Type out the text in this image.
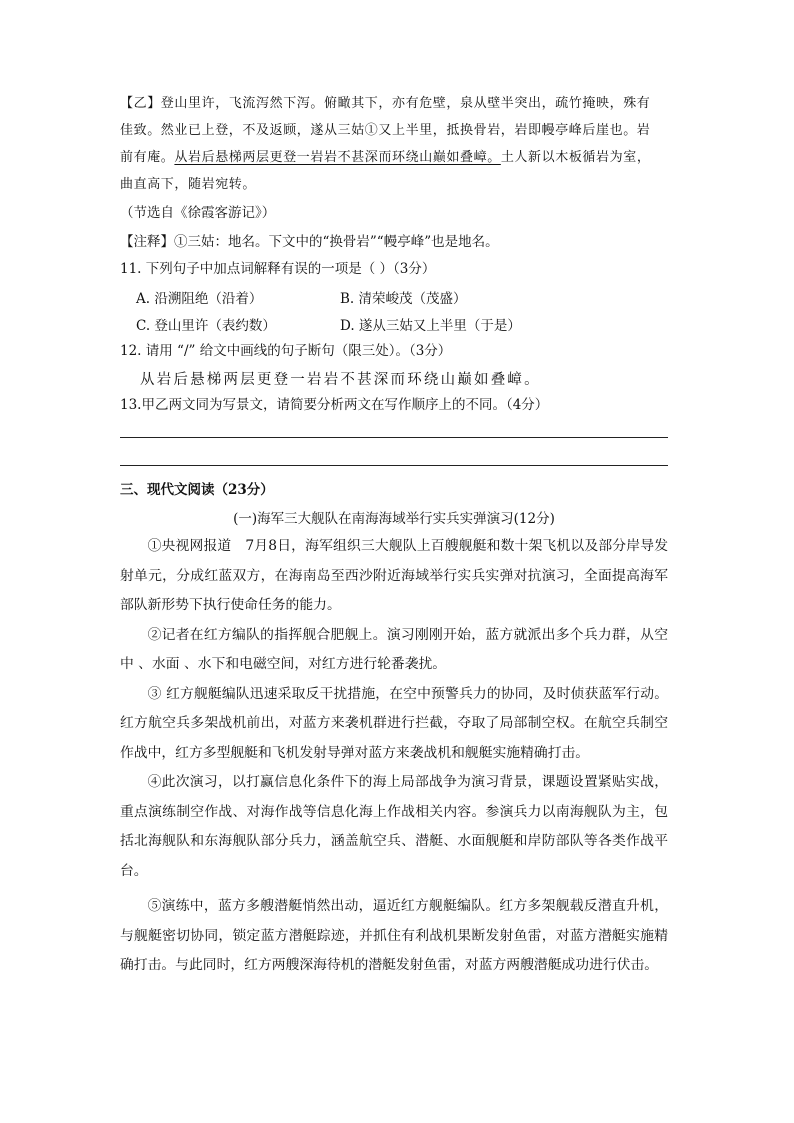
【乙】登山里许，飞流泻然下泻。俯瞰其下，亦有危壁，泉从壁半突出，疏竹掩映，殊有
佳致。然业已上登，不及返顾，遂从三姑①又上半里，抵换骨岩，岩即幔亭峰后崖也。岩
前有庵。从岩后悬梯两层更登一岩岩不甚深而环绕山巅如叠嶂。土人新以木板循岩为室，
曲直高下，随岩宛转。
（节选自《徐霞客游记》）
【注释】①三姑：地名。下文中的“换骨岩”“幔亭峰”也是地名。
11. 下列句子中加点词解释有误的一项是（ ）（3分）
A. 沿溯阻绝（沿着）	B. 清荣峻茂（茂盛）
C. 登山里许（表约数）	D. 遂从三姑又上半里（于是）
12. 请用 “/” 给文中画线的句子断句（限三处）。（3分）
从岩后悬梯两层更登一岩岩不甚深而环绕山巅如叠嶂。
13.甲乙两文同为写景文，请简要分析两文在写作顺序上的不同。（4分）
三、现代文阅读（23分）
(一)海军三大舰队在南海海域举行实兵实弹演习(12分)

①央视网报道　7月8日，海军组织三大舰队上百艘舰艇和数十架飞机以及部分岸导发射单元，分成红蓝双方，在海南岛至西沙附近海域举行实兵实弹对抗演习，全面提高海军部队新形势下执行使命任务的能力。

②记者在红方编队的指挥舰合肥舰上。演习刚刚开始，蓝方就派出多个兵力群，从空中 、水面 、水下和电磁空间，对红方进行轮番袭扰。

③ 红方舰艇编队迅速采取反干扰措施，在空中预警兵力的协同，及时侦获蓝军行动。红方航空兵多架战机前出，对蓝方来袭机群进行拦截，夺取了局部制空权。在航空兵制空作战中，红方多型舰艇和飞机发射导弹对蓝方来袭战机和舰艇实施精确打击。

④此次演习，以打赢信息化条件下的海上局部战争为演习背景，课题设置紧贴实战，重点演练制空作战、对海作战等信息化海上作战相关内容。参演兵力以南海舰队为主，包括北海舰队和东海舰队部分兵力，涵盖航空兵、潜艇、水面舰艇和岸防部队等各类作战平台。

⑤演练中，蓝方多艘潜艇悄然出动，逼近红方舰艇编队。红方多架舰载反潜直升机，与舰艇密切协同，锁定蓝方潜艇踪迹，并抓住有利战机果断发射鱼雷，对蓝方潜艇实施精确打击。与此同时，红方两艘深海待机的潜艇发射鱼雷，对蓝方两艘潜艇成功进行伏击。
